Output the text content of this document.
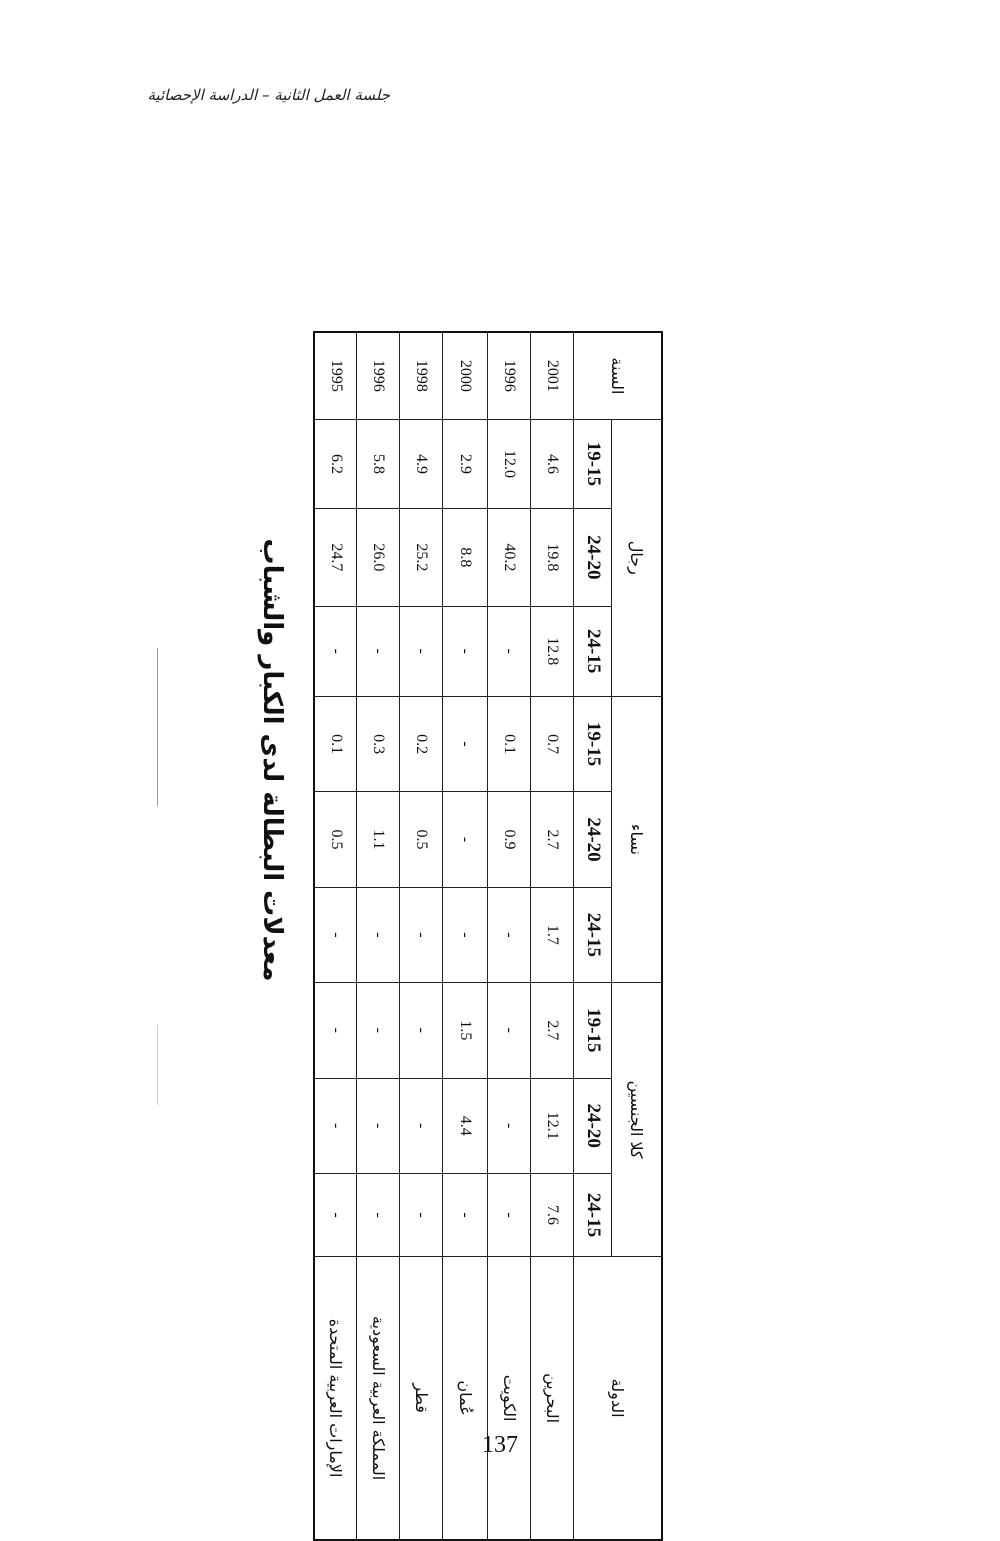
جلسة العمل الثانية – الدراسة الإحصائية
معدلات البطالة لدى الكبار والشباب
السنة	رجال			نساء			كلا الجنسين			الدولة
	19-15	24-20	24-15	19-15	24-20	24-15	19-15	24-20	24-15	
2001	4.6	19.8	12.8	0.7	2.7	1.7	2.7	12.1	7.6	البحرين
1996	12.0	40.2	-	0.1	0.9	-	-	-	-	الكويت
2000	2.9	8.8	-	-	-	-	1.5	4.4	-	عُمان
1998	4.9	25.2	-	0.2	0.5	-	-	-	-	قطر
1996	5.8	26.0	-	0.3	1.1	-	-	-	-	المملكة العربية السعودية
1995	6.2	24.7	-	0.1	0.5	-	-	-	-	الإمارات العربية المتحدة	137
